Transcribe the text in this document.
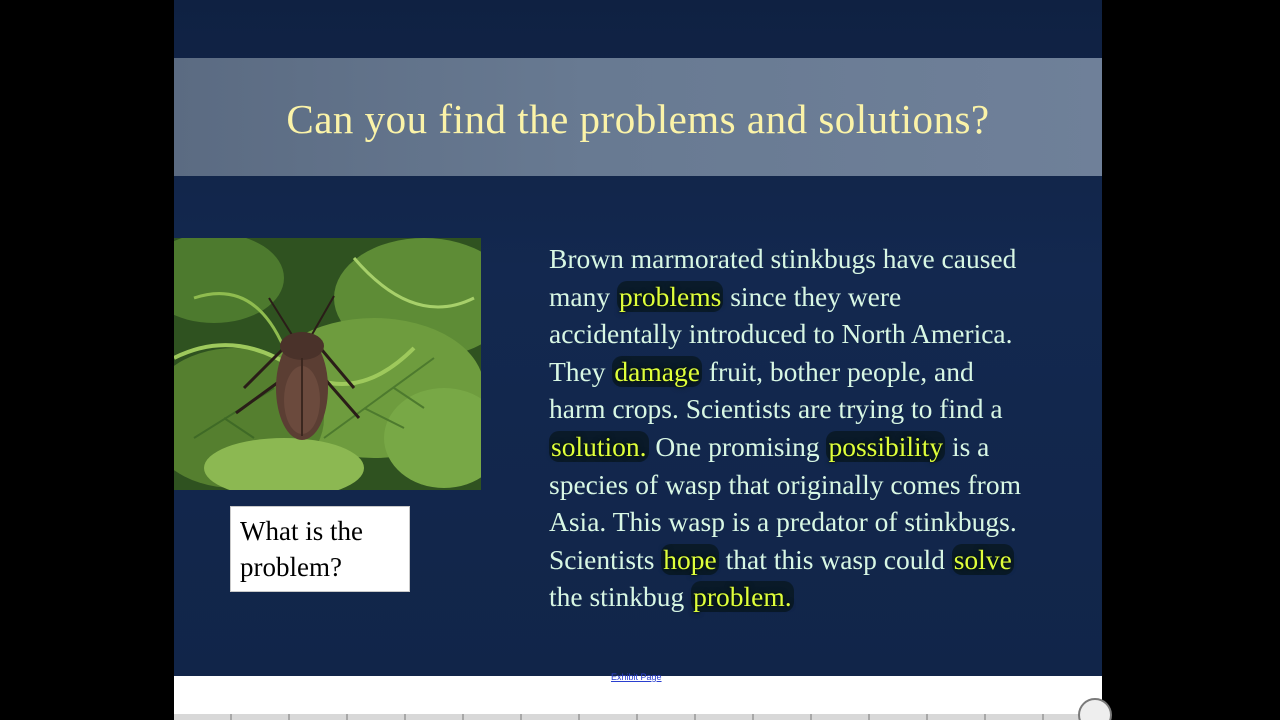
Can you find the problems and solutions?
What is the
problem?
Brown marmorated stinkbugs have caused
many problems since they were
accidentally introduced to North America.
They damage fruit, bother people, and
harm crops. Scientists are trying to find a
solution. One promising possibility is a
species of wasp that originally comes from
Asia. This wasp is a predator of stinkbugs.
Scientists hope that this wasp could solve
the stinkbug problem.
Exhibit Page
